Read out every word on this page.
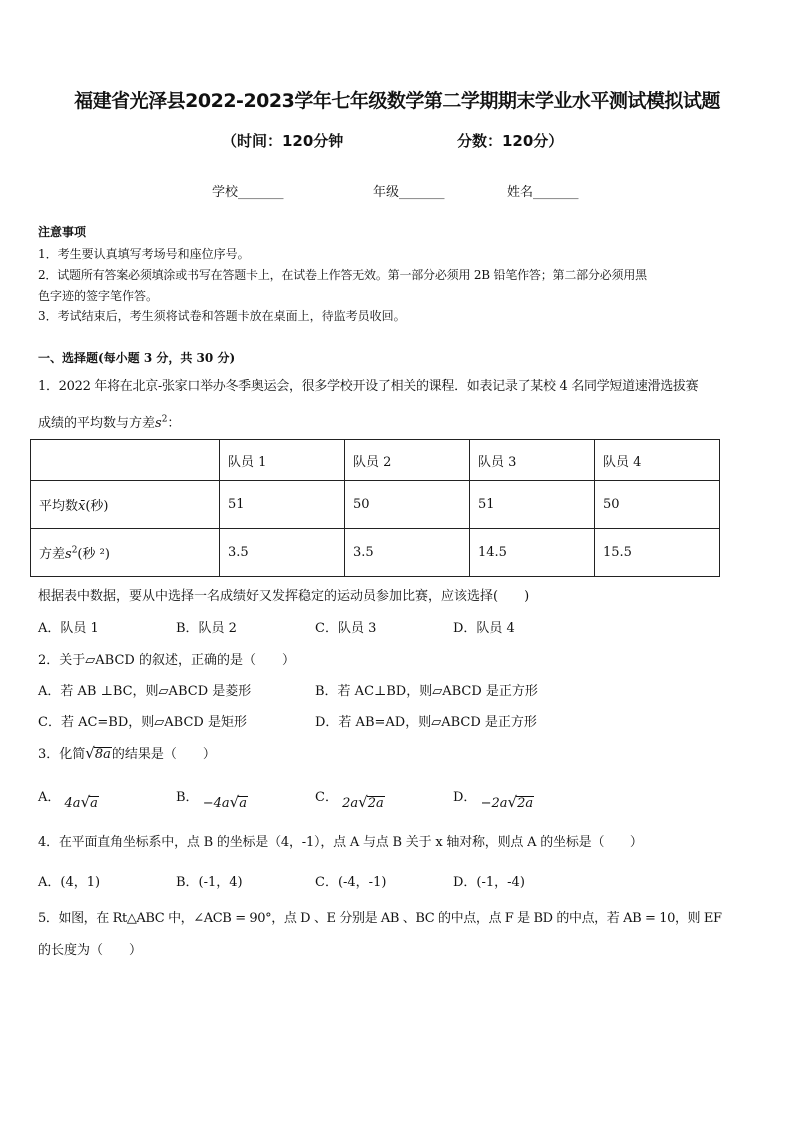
福建省光泽县2022-2023学年七年级数学第二学期期末学业水平测试模拟试题
（时间：120分钟	分数：120分）
学校_______	年级_______	姓名_______
注意事项
1．考生要认真填写考场号和座位序号。
2．试题所有答案必须填涂或书写在答题卡上，在试卷上作答无效。第一部分必须用 2B 铅笔作答；第二部分必须用黑
色字迹的签字笔作答。
3．考试结束后，考生须将试卷和答题卡放在桌面上，待监考员收回。
一、选择题(每小题 3 分，共 30 分)
1．2022 年将在北京-张家口举办冬季奥运会，很多学校开设了相关的课程．如表记录了某校 4 名同学短道速滑选拔赛
成绩的平均数与方差$s^2$：
	队员 1	队员 2	队员 3	队员 4
平均数x̄(秒)	51	50	51	50
方差$s^2$(秒 ²)	3.5	3.5	14.5	15.5
根据表中数据，要从中选择一名成绩好又发挥稳定的运动员参加比赛，应该选择(　　)
A．队员 1	B．队员 2	C．队员 3	D．队员 4
2．关于▱ABCD 的叙述，正确的是（　　）
A．若 AB ⊥BC，则▱ABCD 是菱形	B．若 AC⊥BD，则▱ABCD 是正方形
C．若 AC=BD，则▱ABCD 是矩形	D．若 AB=AD，则▱ABCD 是正方形
3．化简√8a的结果是（　　）
A． 4a√a	B． −4a√a	C． 2a√2a	D． −2a√2a
4．在平面直角坐标系中，点 B 的坐标是（4，-1），点 A 与点 B 关于 x 轴对称，则点 A 的坐标是（　　）
A．(4，1)	B．(-1，4)	C．(-4，-1)	D．(-1，-4)
5．如图，在 Rt△ABC 中，∠ACB = 90°，点 D 、E 分别是 AB 、BC 的中点，点 F 是 BD 的中点，若 AB = 10，则 EF
的长度为（　　）
